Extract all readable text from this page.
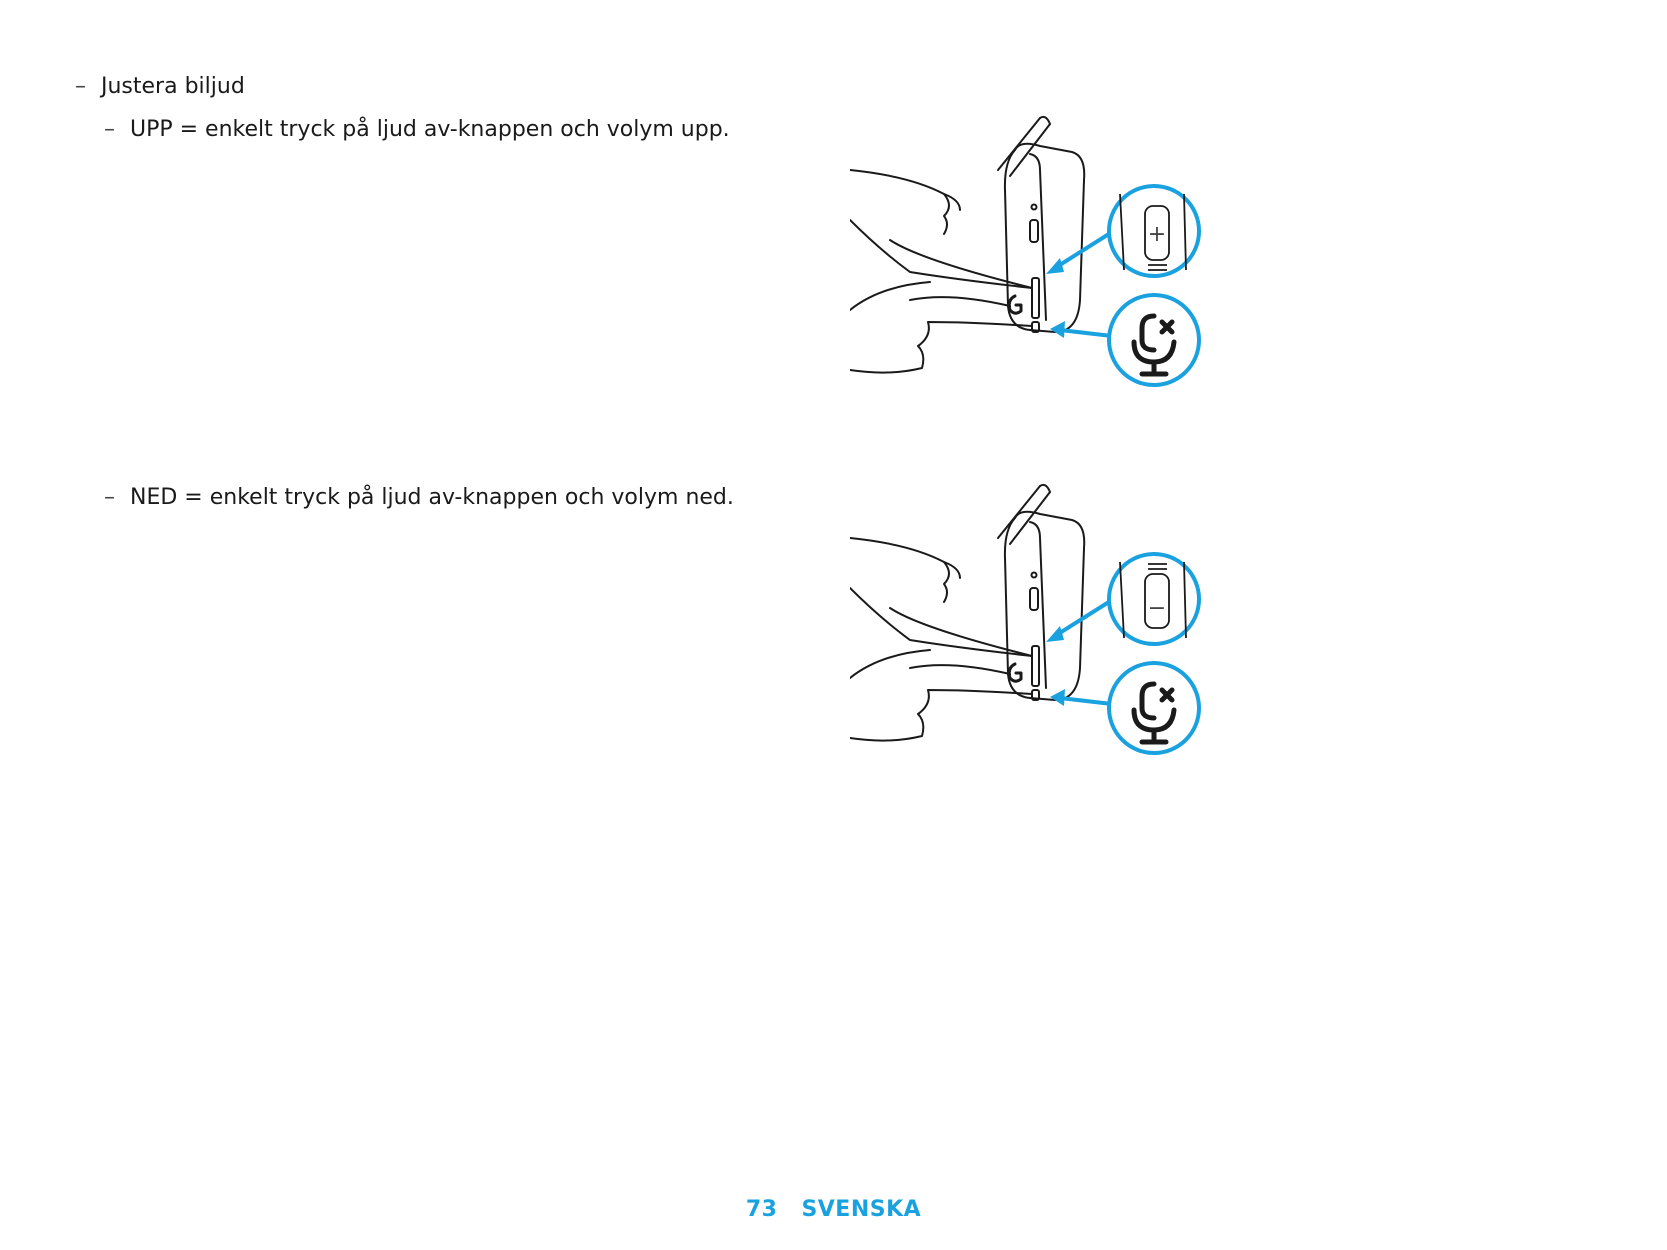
– Justera biljud
– UPP = enkelt tryck på ljud av-knappen och volym upp.
– NED = enkelt tryck på ljud av-knappen och volym ned.
+
−
73 SVENSKA
